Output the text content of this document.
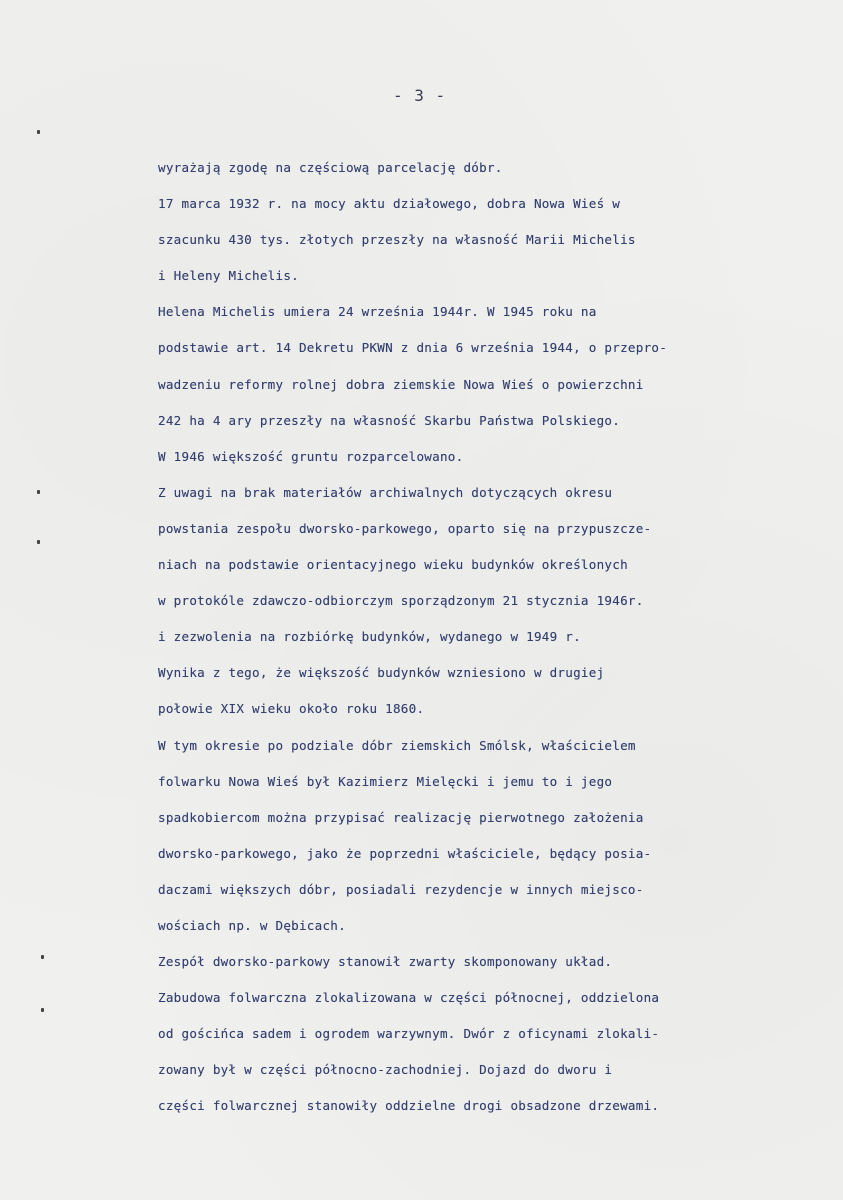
- 3 -
wyrażają zgodę na częściową parcelację dóbr.
17 marca 1932 r. na mocy aktu działowego, dobra Nowa Wieś w
szacunku 430 tys. złotych przeszły na własność Marii Michelis
i Heleny Michelis.
Helena Michelis umiera 24 września 1944r. W 1945 roku na
podstawie art. 14 Dekretu PKWN z dnia 6 września 1944, o przepro-
wadzeniu reformy rolnej dobra ziemskie Nowa Wieś o powierzchni
242 ha 4 ary przeszły na własność Skarbu Państwa Polskiego.
W 1946 większość gruntu rozparcelowano.
Z uwagi na brak materiałów archiwalnych dotyczących okresu
powstania zespołu dworsko-parkowego, oparto się na przypuszcze-
niach na podstawie orientacyjnego wieku budynków określonych
w protokóle zdawczo-odbiorczym sporządzonym 21 stycznia 1946r.
i zezwolenia na rozbiórkę budynków, wydanego w 1949 r.
Wynika z tego, że większość budynków wzniesiono w drugiej
połowie XIX wieku około roku 1860.
W tym okresie po podziale dóbr ziemskich Smólsk, właścicielem
folwarku Nowa Wieś był Kazimierz Mielęcki i jemu to i jego
spadkobiercom można przypisać realizację pierwotnego założenia
dworsko-parkowego, jako że poprzedni właściciele, będący posia-
daczami większych dóbr, posiadali rezydencje w innych miejsco-
wościach np. w Dębicach.
Zespół dworsko-parkowy stanowił zwarty skomponowany układ.
Zabudowa folwarczna zlokalizowana w części północnej, oddzielona
od gościńca sadem i ogrodem warzywnym. Dwór z oficynami zlokali-
zowany był w części północno-zachodniej. Dojazd do dworu i
części folwarcznej stanowiły oddzielne drogi obsadzone drzewami.
